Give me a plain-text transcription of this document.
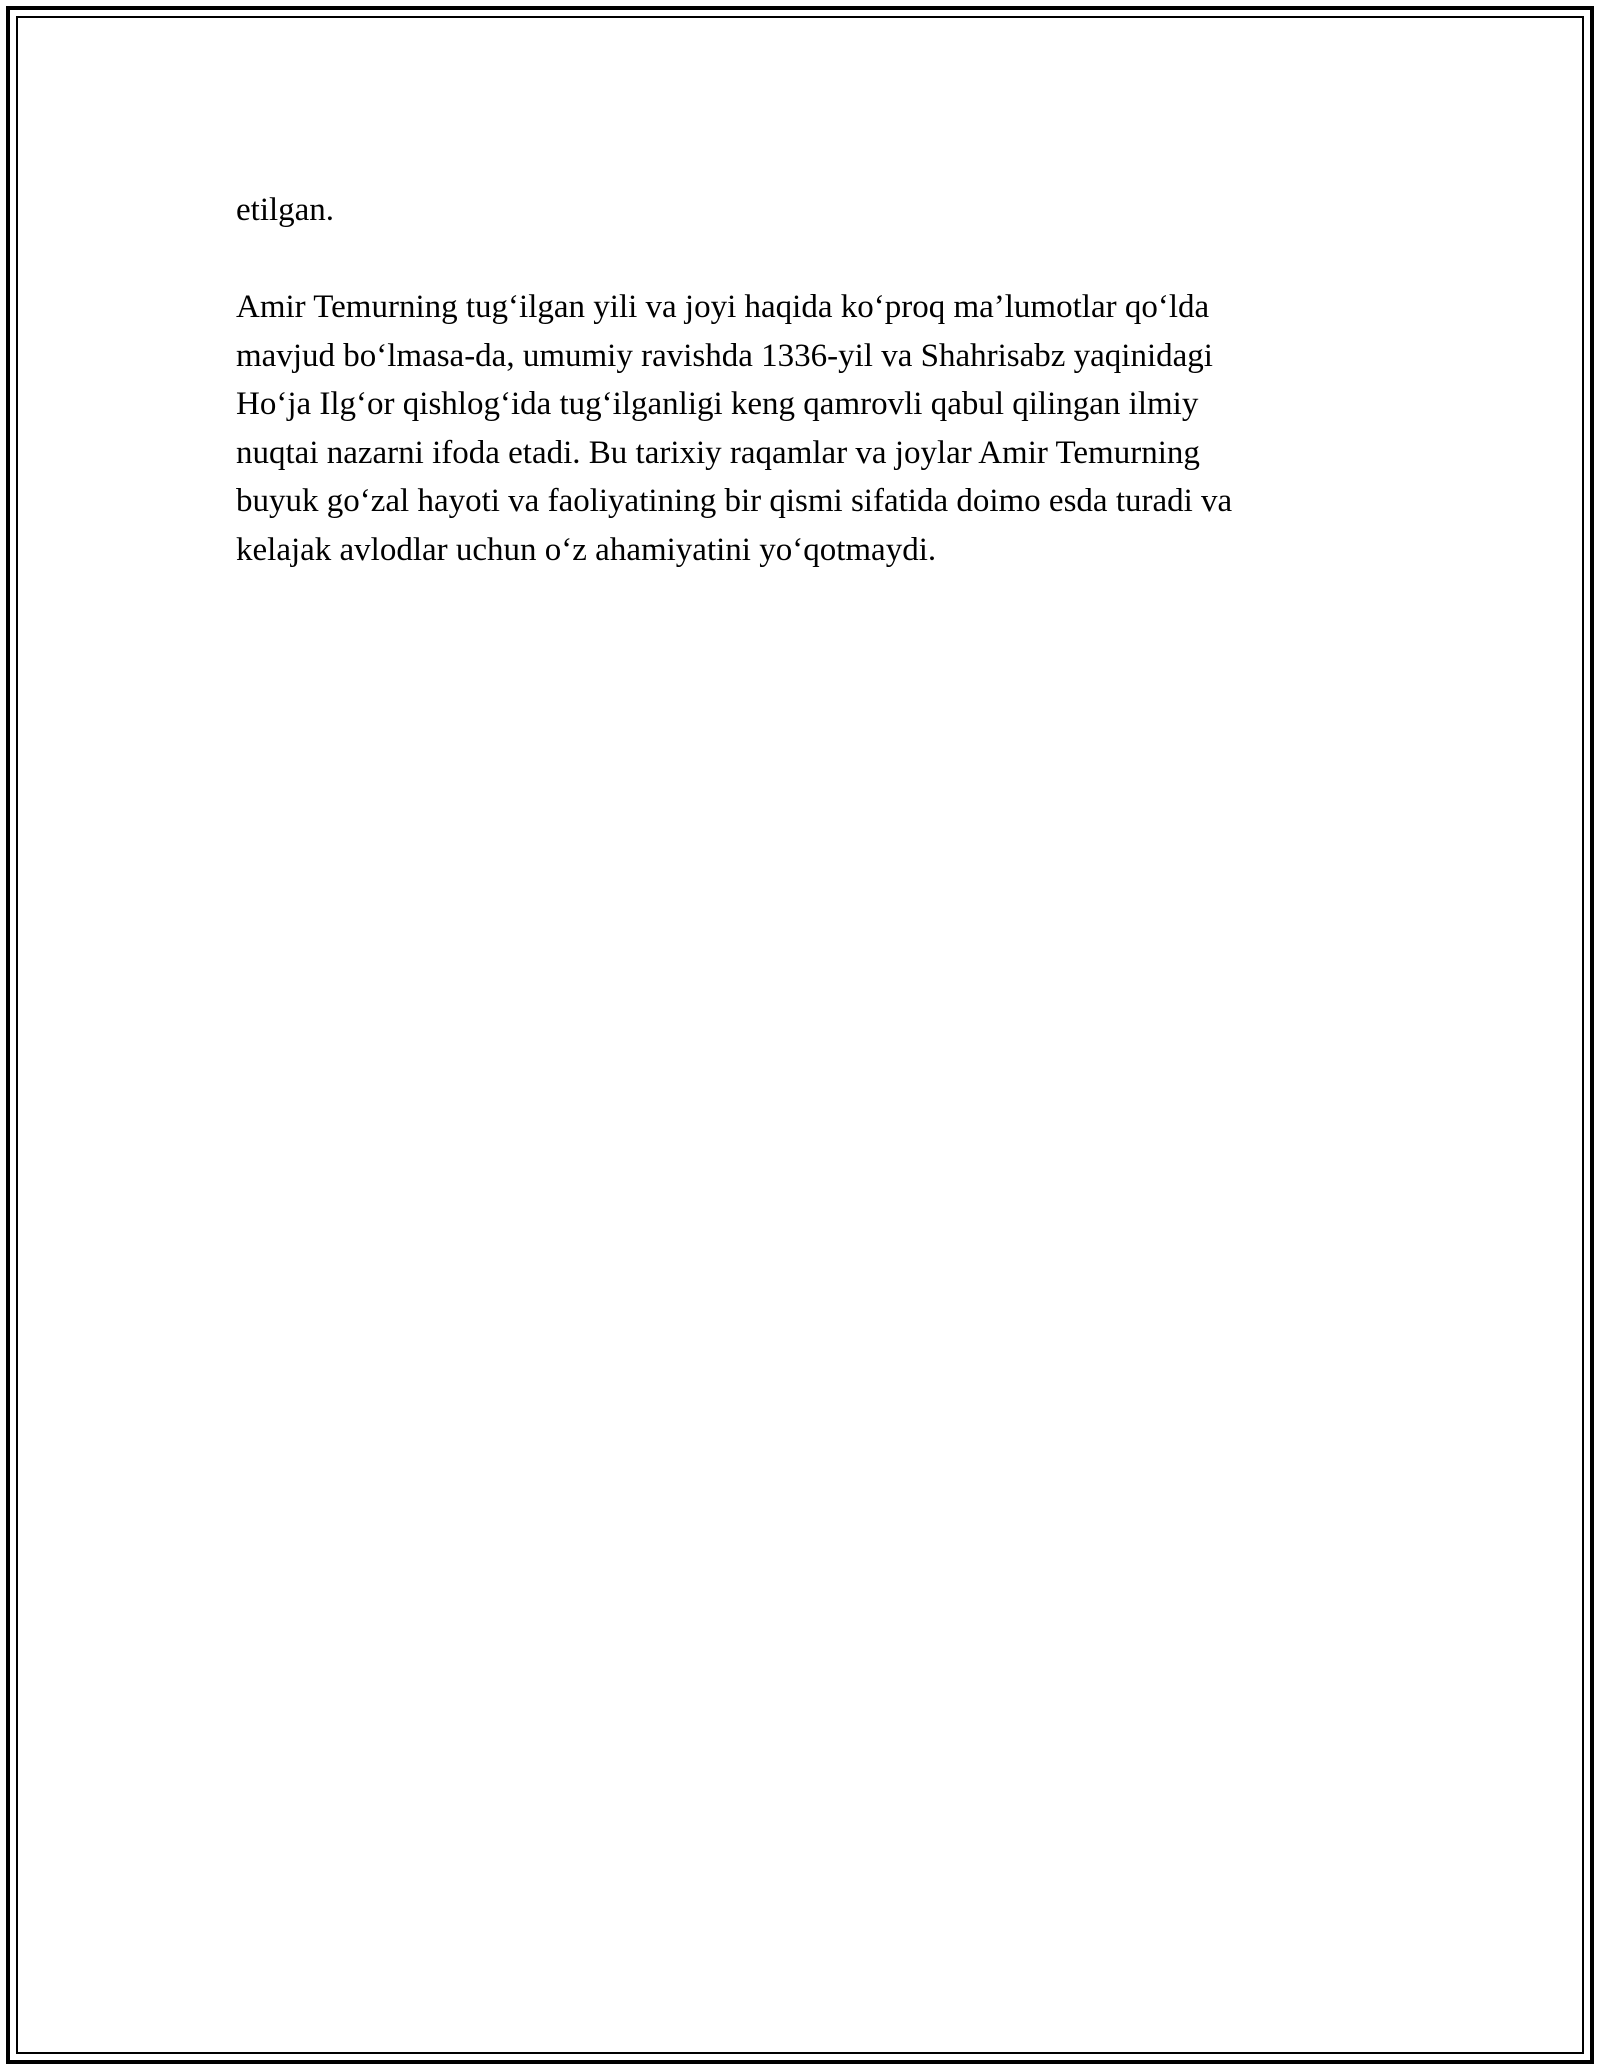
etilgan.

Amir Temurning tug‘ilgan yili va joyi haqida ko‘proq ma’lumotlar qo‘lda
mavjud bo‘lmasa-da, umumiy ravishda 1336-yil va Shahrisabz yaqinidagi
Ho‘ja Ilg‘or qishlog‘ida tug‘ilganligi keng qamrovli qabul qilingan ilmiy
nuqtai nazarni ifoda etadi. Bu tarixiy raqamlar va joylar Amir Temurning
buyuk go‘zal hayoti va faoliyatining bir qismi sifatida doimo esda turadi va
kelajak avlodlar uchun o‘z ahamiyatini yo‘qotmaydi.
